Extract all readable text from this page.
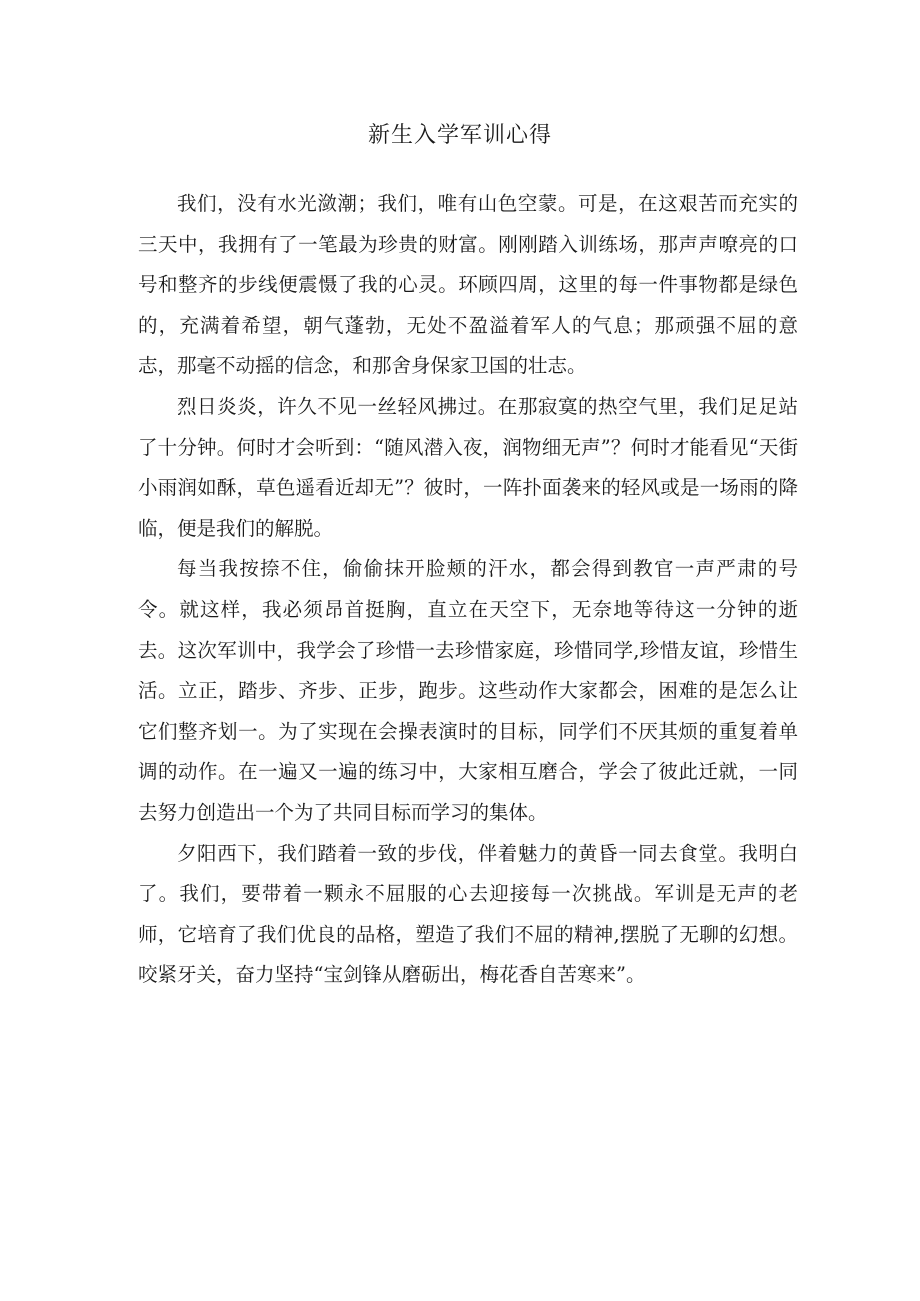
新生入学军训心得

我们，没有水光潋潮；我们，唯有山色空蒙。可是，在这艰苦而充实的三天中，我拥有了一笔最为珍贵的财富。刚刚踏入训练场，那声声嘹亮的口号和整齐的步线便震慑了我的心灵。环顾四周，这里的每一件事物都是绿色的，充满着希望，朝气蓬勃，无处不盈溢着军人的气息；那顽强不屈的意志，那毫不动摇的信念，和那舍身保家卫国的壮志。

烈日炎炎，许久不见一丝轻风拂过。在那寂寞的热空气里，我们足足站了十分钟。何时才会听到：“随风潜入夜，润物细无声”？何时才能看见“天街小雨润如酥，草色遥看近却无”？彼时，一阵扑面袭来的轻风或是一场雨的降临，便是我们的解脱。

每当我按捺不住，偷偷抹开脸颊的汗水，都会得到教官一声严肃的号令。就这样，我必须昂首挺胸，直立在天空下，无奈地等待这一分钟的逝去。这次军训中，我学会了珍惜一去珍惜家庭，珍惜同学,珍惜友谊，珍惜生活。立正，踏步、齐步、正步，跑步。这些动作大家都会，困难的是怎么让它们整齐划一。为了实现在会操表演时的目标，同学们不厌其烦的重复着单调的动作。在一遍又一遍的练习中，大家相互磨合，学会了彼此迁就，一同去努力创造出一个为了共同目标而学习的集体。

夕阳西下，我们踏着一致的步伐，伴着魅力的黄昏一同去食堂。我明白了。我们，要带着一颗永不屈服的心去迎接每一次挑战。军训是无声的老师，它培育了我们优良的品格，塑造了我们不屈的精神,摆脱了无聊的幻想。咬紧牙关，奋力坚持“宝剑锋从磨砺出，梅花香自苦寒来”。
